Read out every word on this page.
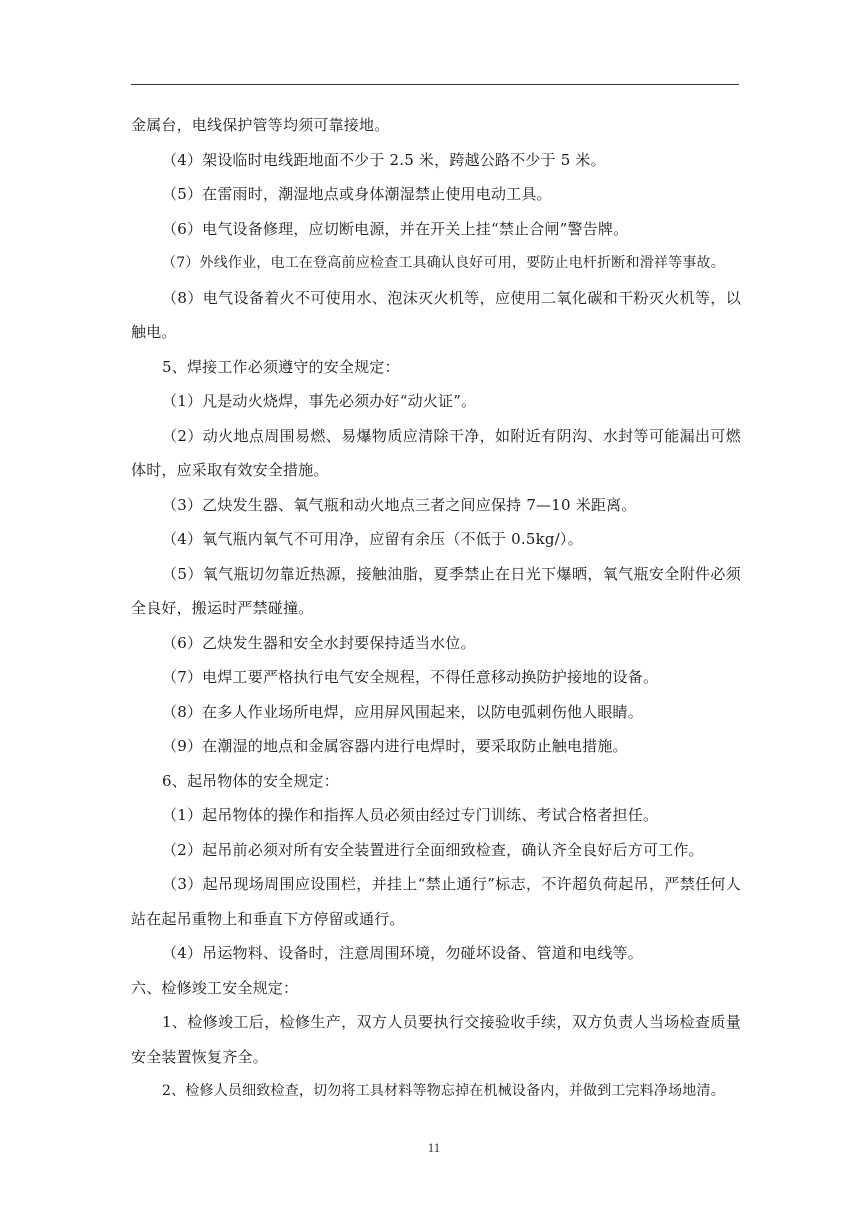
金属台，电线保护管等均须可靠接地。
（4）架设临时电线距地面不少于 2.5 米，跨越公路不少于 5 米。
（5）在雷雨时，潮湿地点或身体潮湿禁止使用电动工具。
（6）电气设备修理，应切断电源，并在开关上挂“禁止合闸”警告牌。
（7）外线作业，电工在登高前应检查工具确认良好可用，要防止电杆折断和滑祥等事故。
（8）电气设备着火不可使用水、泡沫灭火机等，应使用二氧化碳和干粉灭火机等，以
触电。
5、焊接工作必须遵守的安全规定：
（1）凡是动火烧焊，事先必须办好“动火证”。
（2）动火地点周围易燃、易爆物质应清除干净，如附近有阴沟、水封等可能漏出可燃
体时，应采取有效安全措施。
（3）乙炔发生器、氧气瓶和动火地点三者之间应保持 7—10 米距离。
（4）氧气瓶内氧气不可用净，应留有余压（不低于 0.5kg/）。
（5）氧气瓶切勿靠近热源，接触油脂，夏季禁止在日光下爆晒，氧气瓶安全附件必须
全良好，搬运时严禁碰撞。
（6）乙炔发生器和安全水封要保持适当水位。
（7）电焊工要严格执行电气安全规程，不得任意移动换防护接地的设备。
（8）在多人作业场所电焊，应用屏风围起来，以防电弧刺伤他人眼睛。
（9）在潮湿的地点和金属容器内进行电焊时，要采取防止触电措施。
6、起吊物体的安全规定：
（1）起吊物体的操作和指挥人员必须由经过专门训练、考试合格者担任。
（2）起吊前必须对所有安全装置进行全面细致检查，确认齐全良好后方可工作。
（3）起吊现场周围应设围栏，并挂上“禁止通行”标志，不许超负荷起吊，严禁任何人
站在起吊重物上和垂直下方停留或通行。
（4）吊运物料、设备时，注意周围环境，勿碰坏设备、管道和电线等。
六、检修竣工安全规定：
1、检修竣工后，检修生产，双方人员要执行交接验收手续，双方负责人当场检查质量
安全装置恢复齐全。
2、检修人员细致检查，切勿将工具材料等物忘掉在机械设备内，并做到工完料净场地清。
11
